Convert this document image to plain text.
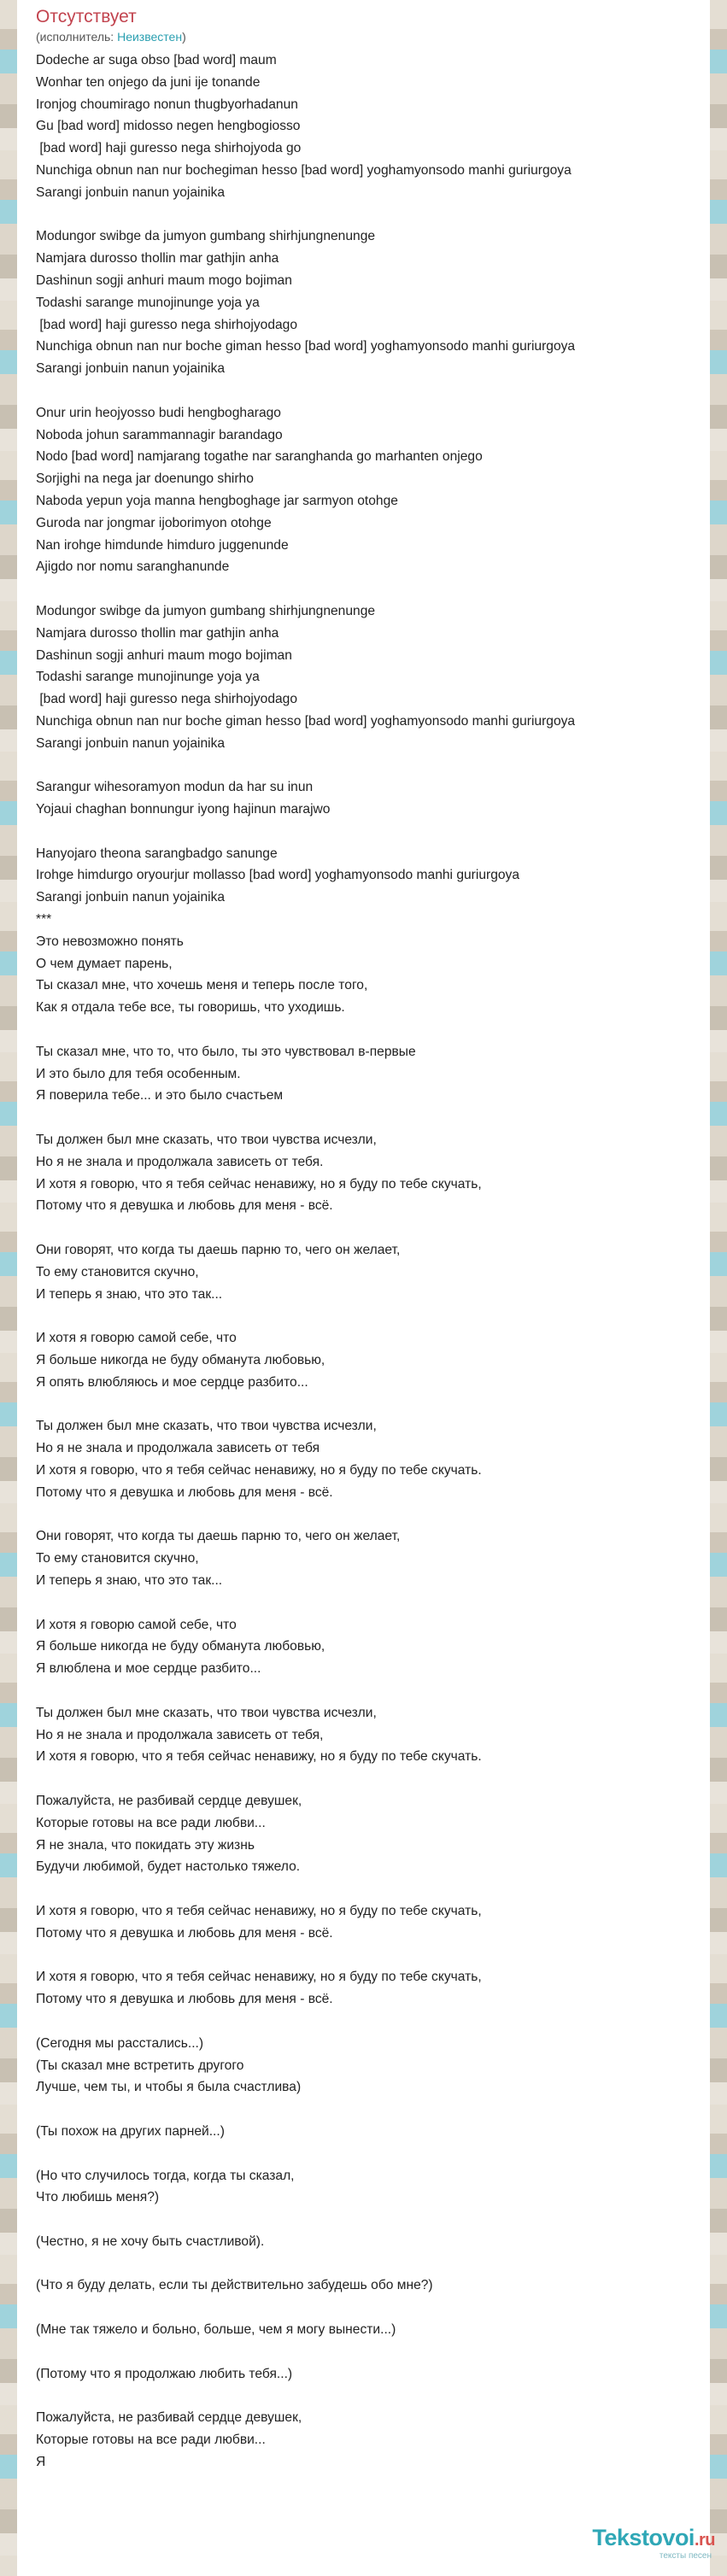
Отсутствует

(исполнитель: Неизвестен)

Dodeche ar suga obso [bad word] maum
Wonhar ten onjego da juni ije tonande
Ironjog choumirago nonun thugbyorhadanun
Gu [bad word] midosso negen hengbogiosso
[bad word] haji guresso nega shirhojyoda go
Nunchiga obnun nan nur bochegiman hesso [bad word] yoghamyonsodo manhi guriurgoya
Sarangi jonbuin nanun yojainika
Modungor swibge da jumyon gumbang shirhjungnenunge
Namjara durosso thollin mar gathjin anha
Dashinun sogji anhuri maum mogo bojiman
Todashi sarange munojinunge yoja ya
[bad word] haji guresso nega shirhojyodago
Nunchiga obnun nan nur boche giman hesso [bad word] yoghamyonsodo manhi guriurgoya
Sarangi jonbuin nanun yojainika
Onur urin heojyosso budi hengbogharago
Noboda johun sarammannagir barandago
Nodo [bad word] namjarang togathe nar saranghanda go marhanten onjego
Sorjighi na nega jar doenungo shirho
Naboda yepun yoja manna hengboghage jar sarmyon otohge
Guroda nar jongmar ijoborimyon otohge
Nan irohge himdunde himduro juggenunde
Ajigdo nor nomu saranghanunde
Modungor swibge da jumyon gumbang shirhjungnenunge
Namjara durosso thollin mar gathjin anha
Dashinun sogji anhuri maum mogo bojiman
Todashi sarange munojinunge yoja ya
[bad word] haji guresso nega shirhojyodago
Nunchiga obnun nan nur boche giman hesso [bad word] yoghamyonsodo manhi guriurgoya
Sarangi jonbuin nanun yojainika
Sarangur wihesoramyon modun da har su inun
Yojaui chaghan bonnungur iyong hajinun marajwo
Hanyojaro theona sarangbadgo sanunge
Irohge himdurgo oryourjur mollasso [bad word] yoghamyonsodo manhi guriurgoya
Sarangi jonbuin nanun yojainika
***
Это невозможно понять
О чем думает парень,
Ты сказал мне, что хочешь меня и теперь после того,
Как я отдала тебе все, ты говоришь, что уходишь.
Ты сказал мне, что то, что было, ты это чувствовал в-первые
И это было для тебя особенным.
Я поверила тебе... и это было счастьем
Ты должен был мне сказать, что твои чувства исчезли,
Но я не знала и продолжала зависеть от тебя.
И хотя я говорю, что я тебя сейчас ненавижу, но я буду по тебе скучать,
Потому что я девушка и любовь для меня - всё.
Они говорят, что когда ты даешь парню то, чего он желает,
То ему становится скучно,
И теперь я знаю, что это так...
И хотя я говорю самой себе, что
Я больше никогда не буду обманута любовью,
Я опять влюбляюсь и мое сердце разбито...
Ты должен был мне сказать, что твои чувства исчезли,
Но я не знала и продолжала зависеть от тебя
И хотя я говорю, что я тебя сейчас ненавижу, но я буду по тебе скучать.
Потому что я девушка и любовь для меня - всё.
Они говорят, что когда ты даешь парню то, чего он желает,
То ему становится скучно,
И теперь я знаю, что это так...
И хотя я говорю самой себе, что
Я больше никогда не буду обманута любовью,
Я влюблена и мое сердце разбито...
Ты должен был мне сказать, что твои чувства исчезли,
Но я не знала и продолжала зависеть от тебя,
И хотя я говорю, что я тебя сейчас ненавижу, но я буду по тебе скучать.
Пожалуйста, не разбивай сердце девушек,
Которые готовы на все ради любви...
Я не знала, что покидать эту жизнь
Будучи любимой, будет настолько тяжело.
И хотя я говорю, что я тебя сейчас ненавижу, но я буду по тебе скучать,
Потому что я девушка и любовь для меня - всё.
И хотя я говорю, что я тебя сейчас ненавижу, но я буду по тебе скучать,
Потому что я девушка и любовь для меня - всё.
(Сегодня мы расстались...)
(Ты сказал мне встретить другого
Лучше, чем ты, и чтобы я была счастлива)
(Ты похож на других парней...)
(Но что случилось тогда, когда ты сказал,
Что любишь меня?)
(Честно, я не хочу быть счастливой).
(Что я буду делать, если ты действительно забудешь обо мне?)
(Мне так тяжело и больно, больше, чем я могу вынести...)
(Потому что я продолжаю любить тебя...)
Пожалуйста, не разбивай сердце девушек,
Которые готовы на все ради любви...
Я
Tekstovoi.ru
тексты песен
